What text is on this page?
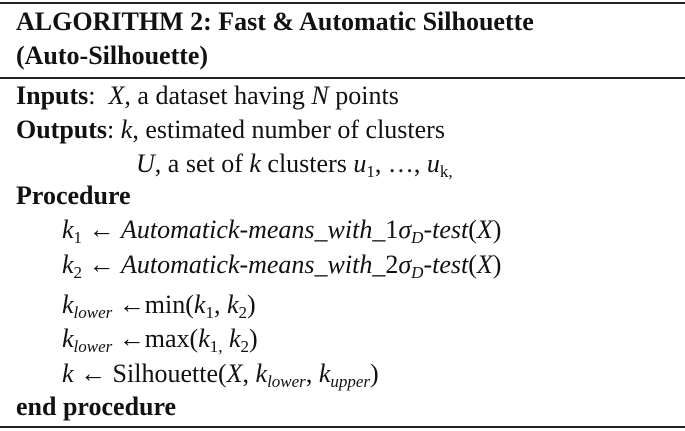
ALGORITHM 2: Fast & Automatic Silhouette
(Auto-Silhouette)
Inputs:  X, a dataset having N points
Outputs: k, estimated number of clusters
U, a set of k clusters $u_1$, …, $u_{k,}$
Procedure
$k_1$ ← Automatick-$means\_with\_1\sigma_D-test(X)$
$k_2$ ← Automatick-$means\_with\_2\sigma_D-test(X)$
$k_{lower}$ $\leftarrow\min(k_1$, $k_2$)
$k_{lower}$ $\leftarrow\max(k_{1,}$ $k_2$)
k ← Silhouette(X, $k_{lower}$, $k_{upper}$)
end procedure
